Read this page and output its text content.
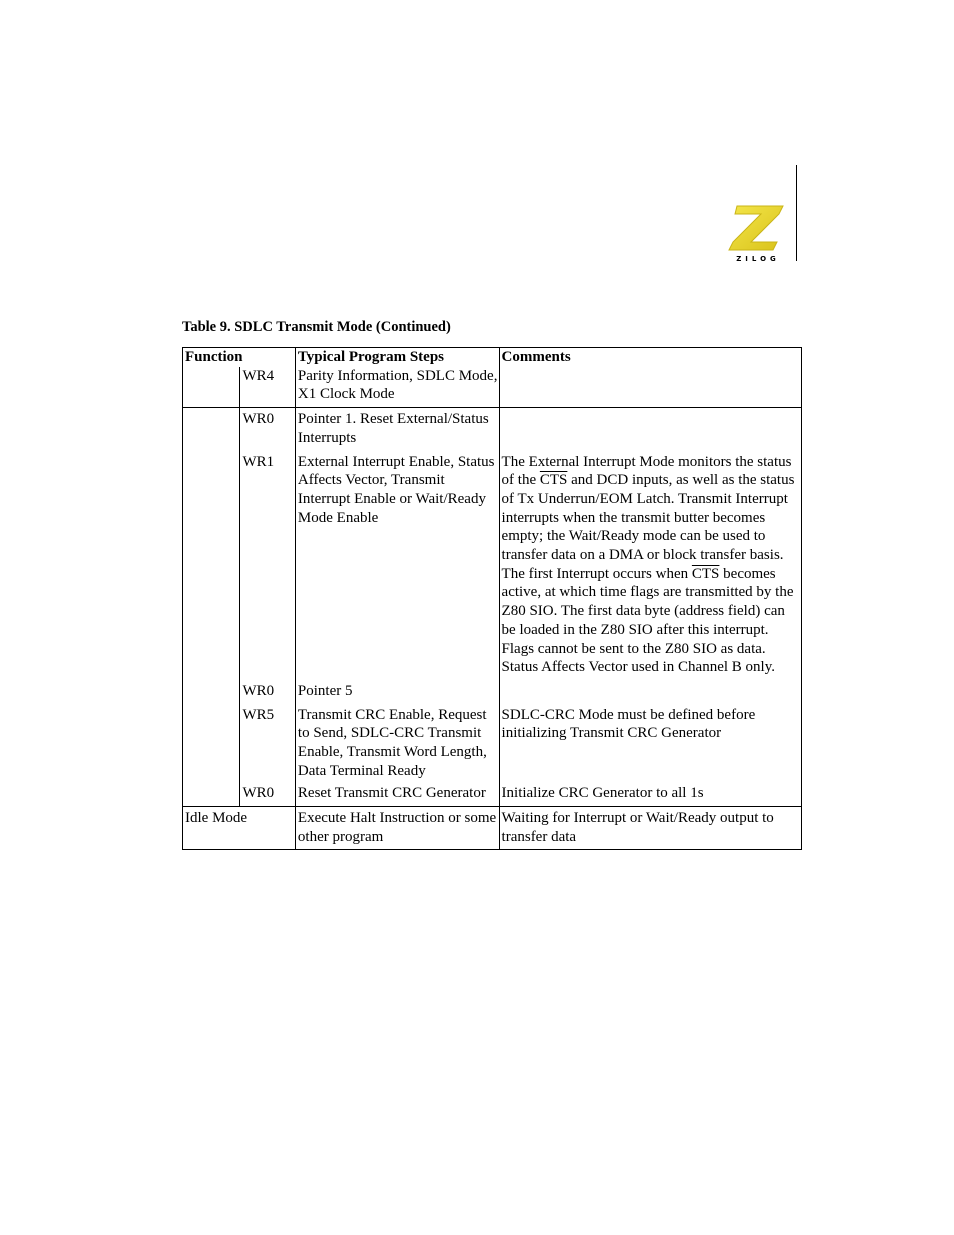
ZILOG
Table 9. SDLC Transmit Mode (Continued)
Function		Typical Program Steps	Comments
	WR4	Parity Information, SDLC Mode, X1 Clock Mode	
	WR0	Pointer 1. Reset External/Status Interrupts	
	WR1	External Interrupt Enable, Status Affects Vector, Transmit Interrupt Enable or Wait/Ready Mode Enable	The External Interrupt Mode monitors the status of the $\overline{CTS}$ and DCD inputs, as well as the status of Tx Underrun/EOM Latch. Transmit Interrupt interrupts when the transmit butter becomes empty; the Wait/Ready mode can be used to transfer data on a DMA or block transfer basis. The first Interrupt occurs when $\overline{CTS}$ becomes active, at which time flags are transmitted by the Z80 SIO. The first data byte (address field) can be loaded in the Z80 SIO after this interrupt. Flags cannot be sent to the Z80 SIO as data. Status Affects Vector used in Channel B only.
	WR0	Pointer 5	
	WR5	Transmit CRC Enable, Request to Send, SDLC-CRC Transmit Enable, Transmit Word Length, Data Terminal Ready	SDLC-CRC Mode must be defined before initializing Transmit CRC Generator
	WR0	Reset Transmit CRC Generator	Initialize CRC Generator to all 1s
Idle Mode		Execute Halt Instruction or some other program	Waiting for Interrupt or Wait/Ready output to transfer data
